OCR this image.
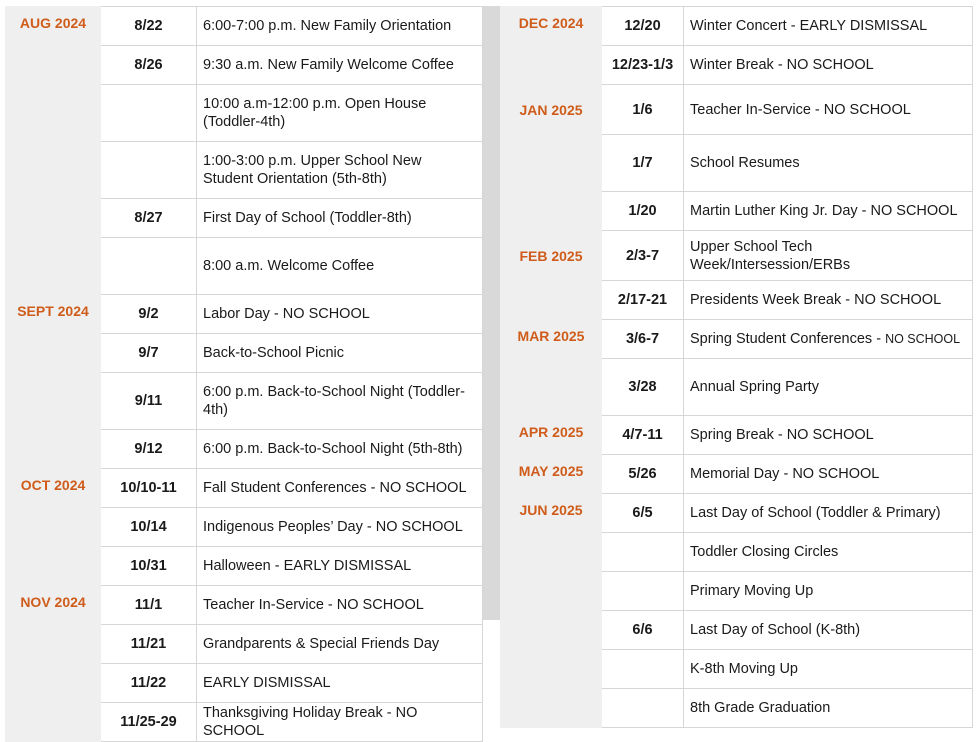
AUG 2024	8/22	6:00-7:00 p.m. New Family Orientation
	8/26	9:30 a.m. New Family Welcome Coffee
		10:00 a.m-12:00 p.m. Open House (Toddler-4th)
		1:00-3:00 p.m. Upper School New Student Orientation (5th-8th)
	8/27	First Day of School (Toddler-8th)
		8:00 a.m. Welcome Coffee
SEPT 2024	9/2	Labor Day - NO SCHOOL
	9/7	Back-to-School Picnic
	9/11	6:00 p.m. Back-to-School Night (Toddler-4th)
	9/12	6:00 p.m. Back-to-School Night (5th-8th)
OCT 2024	10/10-11	Fall Student Conferences - NO SCHOOL
	10/14	Indigenous Peoples’ Day - NO SCHOOL
	10/31	Halloween - EARLY DISMISSAL
NOV 2024	11/1	Teacher In-Service - NO SCHOOL
	11/21	Grandparents & Special Friends Day
	11/22	EARLY DISMISSAL
	11/25-29	Thanksgiving Holiday Break - NO SCHOOL
DEC 2024	12/20	Winter Concert - EARLY DISMISSAL
	12/23-1/3	Winter Break - NO SCHOOL
JAN 2025	1/6	Teacher In-Service - NO SCHOOL
	1/7	School Resumes
	1/20	Martin Luther King Jr. Day - NO SCHOOL
FEB 2025	2/3-7	Upper School Tech Week/Intersession/ERBs
	2/17-21	Presidents Week Break - NO SCHOOL
MAR 2025	3/6-7	Spring Student Conferences - NO SCHOOL
	3/28	Annual Spring Party
APR 2025	4/7-11	Spring Break - NO SCHOOL
MAY 2025	5/26	Memorial Day - NO SCHOOL
JUN 2025	6/5	Last Day of School (Toddler & Primary)
		Toddler Closing Circles
		Primary Moving Up
	6/6	Last Day of School (K-8th)
		K-8th Moving Up
		8th Grade Graduation
